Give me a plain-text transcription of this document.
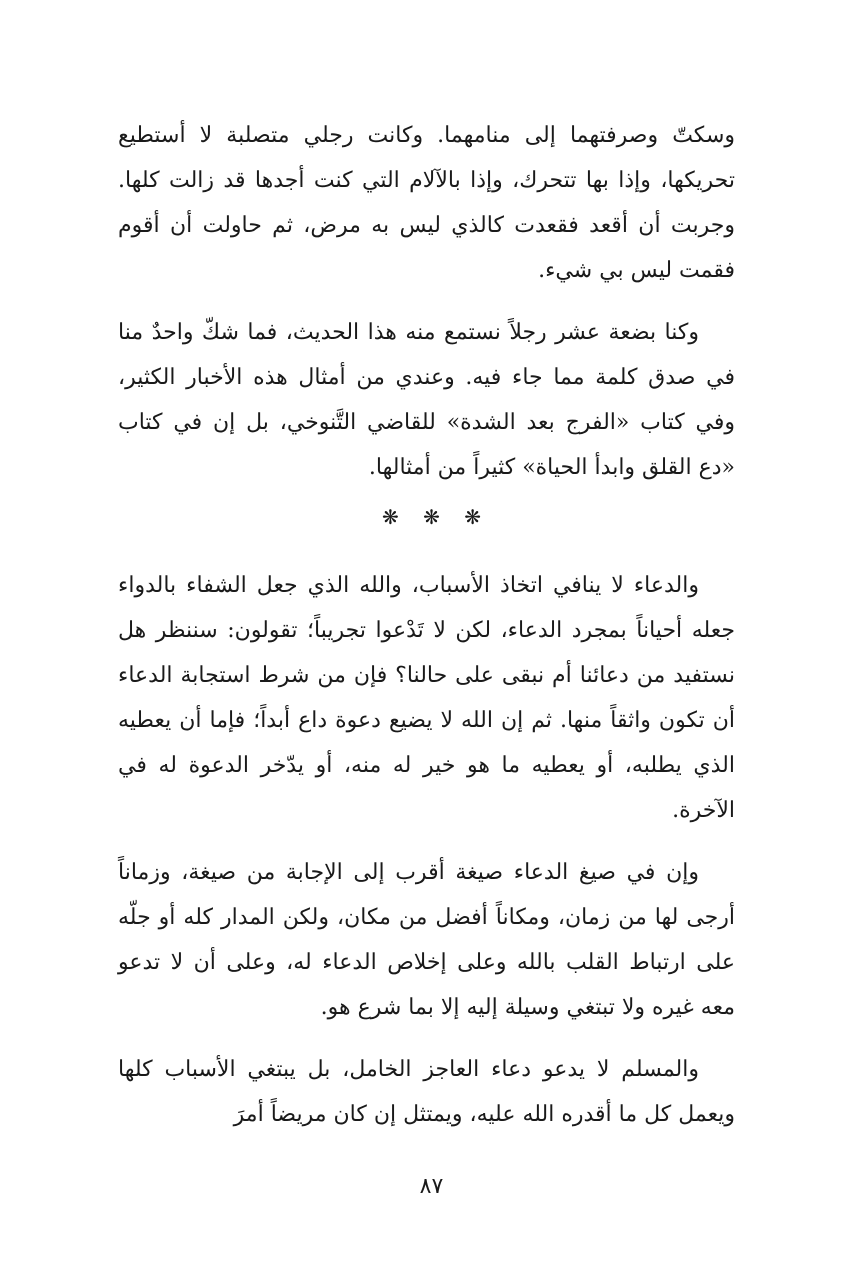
وسكتّ وصرفتهما إلى منامهما. وكانت رجلي متصلبة لا أستطيع تحريكها، وإذا بها تتحرك، وإذا بالآلام التي كنت أجدها قد زالت كلها. وجربت أن أقعد فقعدت كالذي ليس به مرض، ثم حاولت أن أقوم فقمت ليس بي شيء.

وكنا بضعة عشر رجلاً نستمع منه هذا الحديث، فما شكّ واحدٌ منا في صدق كلمة مما جاء فيه. وعندي من أمثال هذه الأخبار الكثير، وفي كتاب «الفرج بعد الشدة» للقاضي التَّنوخي، بل إن في كتاب «دع القلق وابدأ الحياة» كثيراً من أمثالها.

❋ ❋ ❋

والدعاء لا ينافي اتخاذ الأسباب، والله الذي جعل الشفاء بالدواء جعله أحياناً بمجرد الدعاء، لكن لا تَدْعوا تجريباً؛ تقولون: سننظر هل نستفيد من دعائنا أم نبقى على حالنا؟ فإن من شرط استجابة الدعاء أن تكون واثقاً منها. ثم إن الله لا يضيع دعوة داع أبداً؛ فإما أن يعطيه الذي يطلبه، أو يعطيه ما هو خير له منه، أو يدّخر الدعوة له في الآخرة.

وإن في صيغ الدعاء صيغة أقرب إلى الإجابة من صيغة، وزماناً أرجى لها من زمان، ومكاناً أفضل من مكان، ولكن المدار كله أو جلّه على ارتباط القلب بالله وعلى إخلاص الدعاء له، وعلى أن لا تدعو معه غيره ولا تبتغي وسيلة إليه إلا بما شرع هو.

والمسلم لا يدعو دعاء العاجز الخامل، بل يبتغي الأسباب كلها ويعمل كل ما أقدره الله عليه، ويمتثل إن كان مريضاً أمرَ

٨٧
